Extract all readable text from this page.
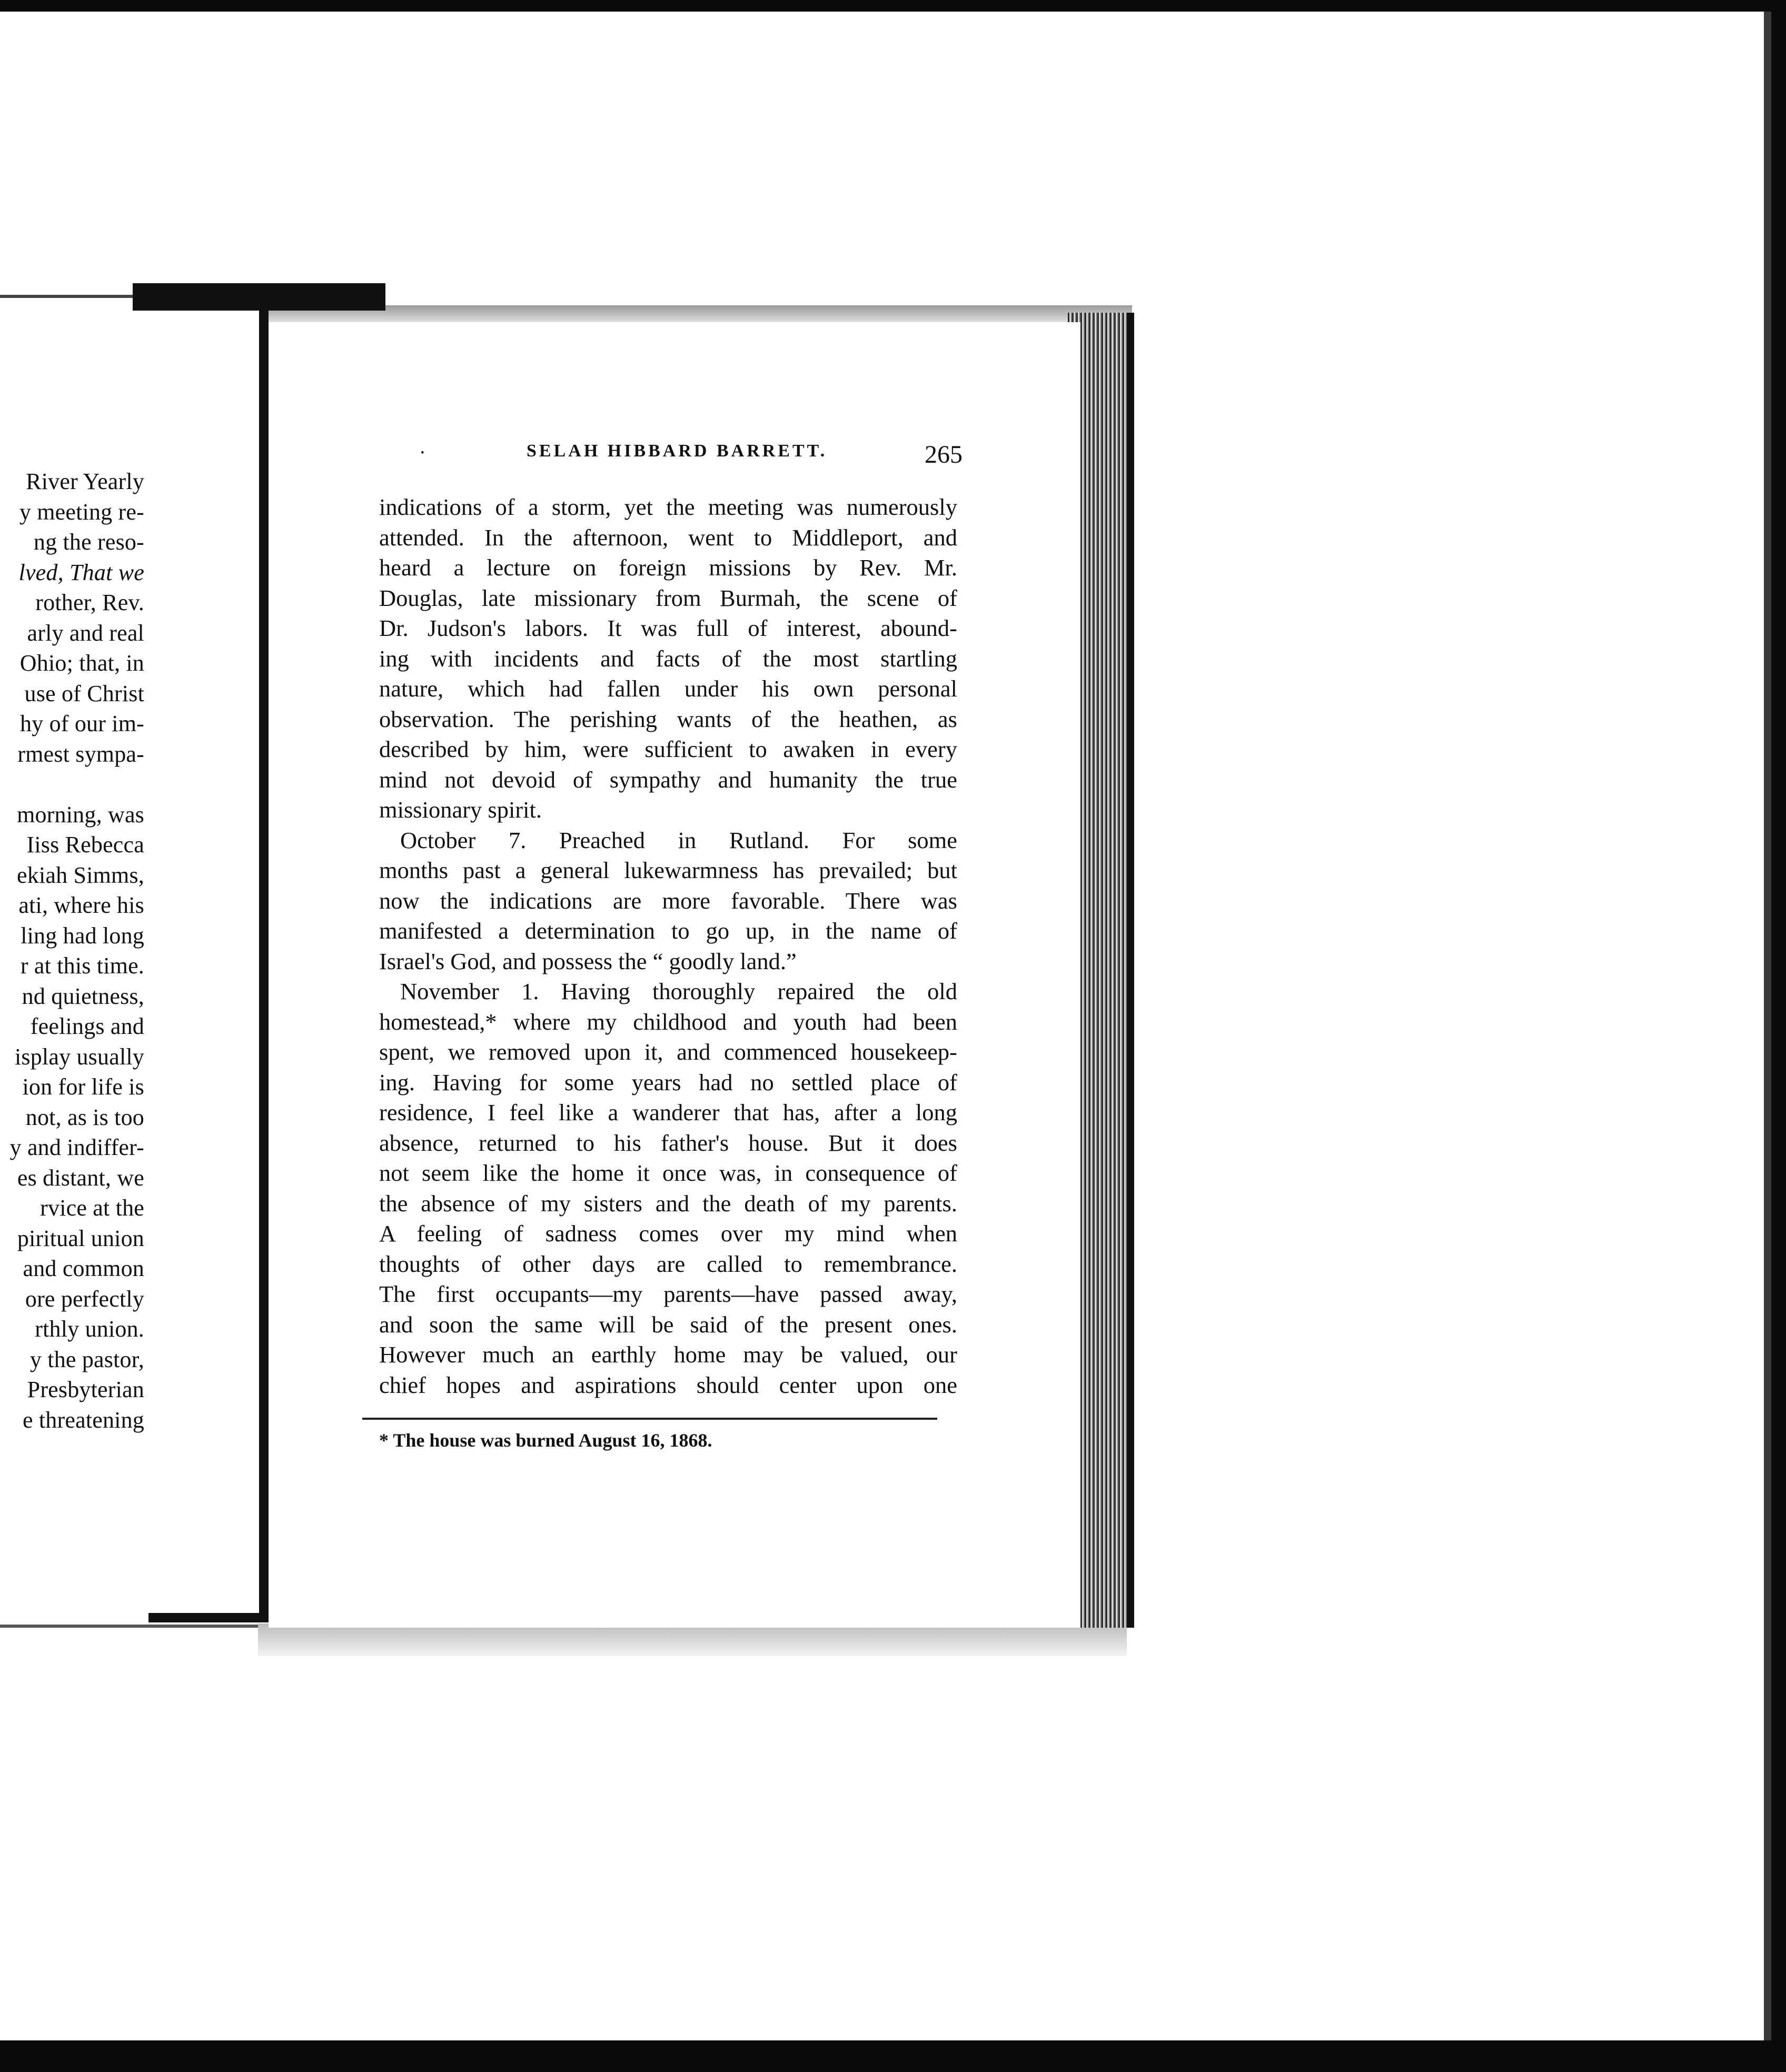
River Yearly
y meeting re-
ng the reso-
lved, That we
rother, Rev.
arly and real
Ohio; that, in
use of Christ
hy of our im-
rmest sympa-
morning, was
Iiss Rebecca
ekiah Simms,
ati, where his
ling had long
r at this time.
nd quietness,
feelings and
isplay usually
ion for life is
not, as is too
y and indiffer-
es distant, we
rvice at the
piritual union
and common
ore perfectly
rthly union.
y the pastor,
Presbyterian
e threatening
·	SELAH HIBBARD BARRETT.	265
indications of a storm, yet the meeting was numerously
attended. In the afternoon, went to Middleport, and
heard a lecture on foreign missions by Rev. Mr.
Douglas, late missionary from Burmah, the scene of
Dr. Judson's labors. It was full of interest, abound-
ing with incidents and facts of the most startling
nature, which had fallen under his own personal
observation. The perishing wants of the heathen, as
described by him, were sufficient to awaken in every
mind not devoid of sympathy and humanity the true
missionary spirit.
October 7. Preached in Rutland. For some
months past a general lukewarmness has prevailed; but
now the indications are more favorable. There was
manifested a determination to go up, in the name of
Israel's God, and possess the “ goodly land.”
November 1. Having thoroughly repaired the old
homestead,* where my childhood and youth had been
spent, we removed upon it, and commenced housekeep-
ing. Having for some years had no settled place of
residence, I feel like a wanderer that has, after a long
absence, returned to his father's house. But it does
not seem like the home it once was, in consequence of
the absence of my sisters and the death of my parents.
A feeling of sadness comes over my mind when
thoughts of other days are called to remembrance.
The first occupants—my parents—have passed away,
and soon the same will be said of the present ones.
However much an earthly home may be valued, our
chief hopes and aspirations should center upon one
* The house was burned August 16, 1868.
